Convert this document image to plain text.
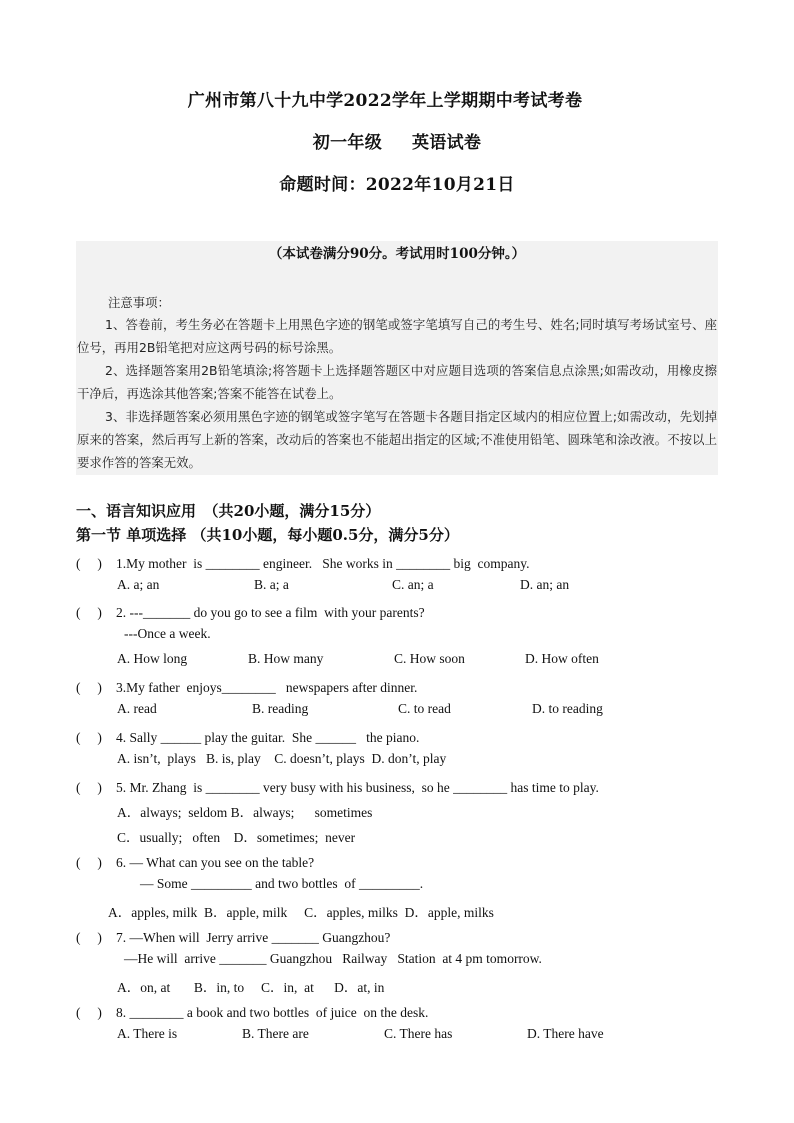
广州市第八十九中学2022学年上学期期中考试考卷
初一年级 英语试卷
命题时间：2022年10月21日
（本试卷满分90分。考试用时100分钟。）
注意事项：
1、答卷前，考生务必在答题卡上用黑色字迹的钢笔或签字笔填写自己的考生号、姓名;同时填写考场试室号、座位号，再用2B铅笔把对应这两号码的标号涂黑。
2、选择题答案用2B铅笔填涂;将答题卡上选择题答题区中对应题目选项的答案信息点涂黑;如需改动，用橡皮擦干净后，再选涂其他答案;答案不能答在试卷上。
3、非选择题答案必须用黑色字迹的钢笔或签字笔写在答题卡各题目指定区域内的相应位置上;如需改动，先划掉原来的答案，然后再写上新的答案，改动后的答案也不能超出指定的区域;不准使用铅笔、圆珠笔和涂改液。不按以上要求作答的答案无效。
一、语言知识应用　（共20小题，满分15分）
第一节 单项选择 （共10小题，每小题0.5分，满分5分）
(　 ) 1.My mother  is ________ engineer.   She works in ________ big  company.
A. a; an	B. a; a	C. an; a	D. an; an
(　 ) 2. ---_______ do you go to see a film  with your parents?
---Once a week.
A. How long	B. How many	C. How soon	D. How often
(　 ) 3.My father  enjoys________   newspapers after dinner.
A. read	B. reading	C. to read	D. to reading
(　 ) 4. Sally ______ play the guitar.  She ______   the piano.
A. isn’t,  plays   B. is, play    C. doesn’t, plays  D. don’t, play
(　 ) 5. Mr. Zhang  is ________ very busy with his business,  so he ________ has time to play.
A．always;  seldom B．always;      sometimes
C．usually;   often    D．sometimes;  never
(　 ) 6. — What can you see on the table?
— Some _________ and two bottles  of _________.
A．apples, milk  B．apple, milk     C．apples, milks  D．apple, milks
(　 ) 7. —When will  Jerry arrive _______ Guangzhou?
—He will  arrive _______ Guangzhou   Railway   Station  at 4 pm tomorrow.
A．on, at       B．in, to     C．in,  at      D．at, in
(　 ) 8. ________ a book and two bottles  of juice  on the desk.
A. There is	B. There are	C. There has	D. There have
